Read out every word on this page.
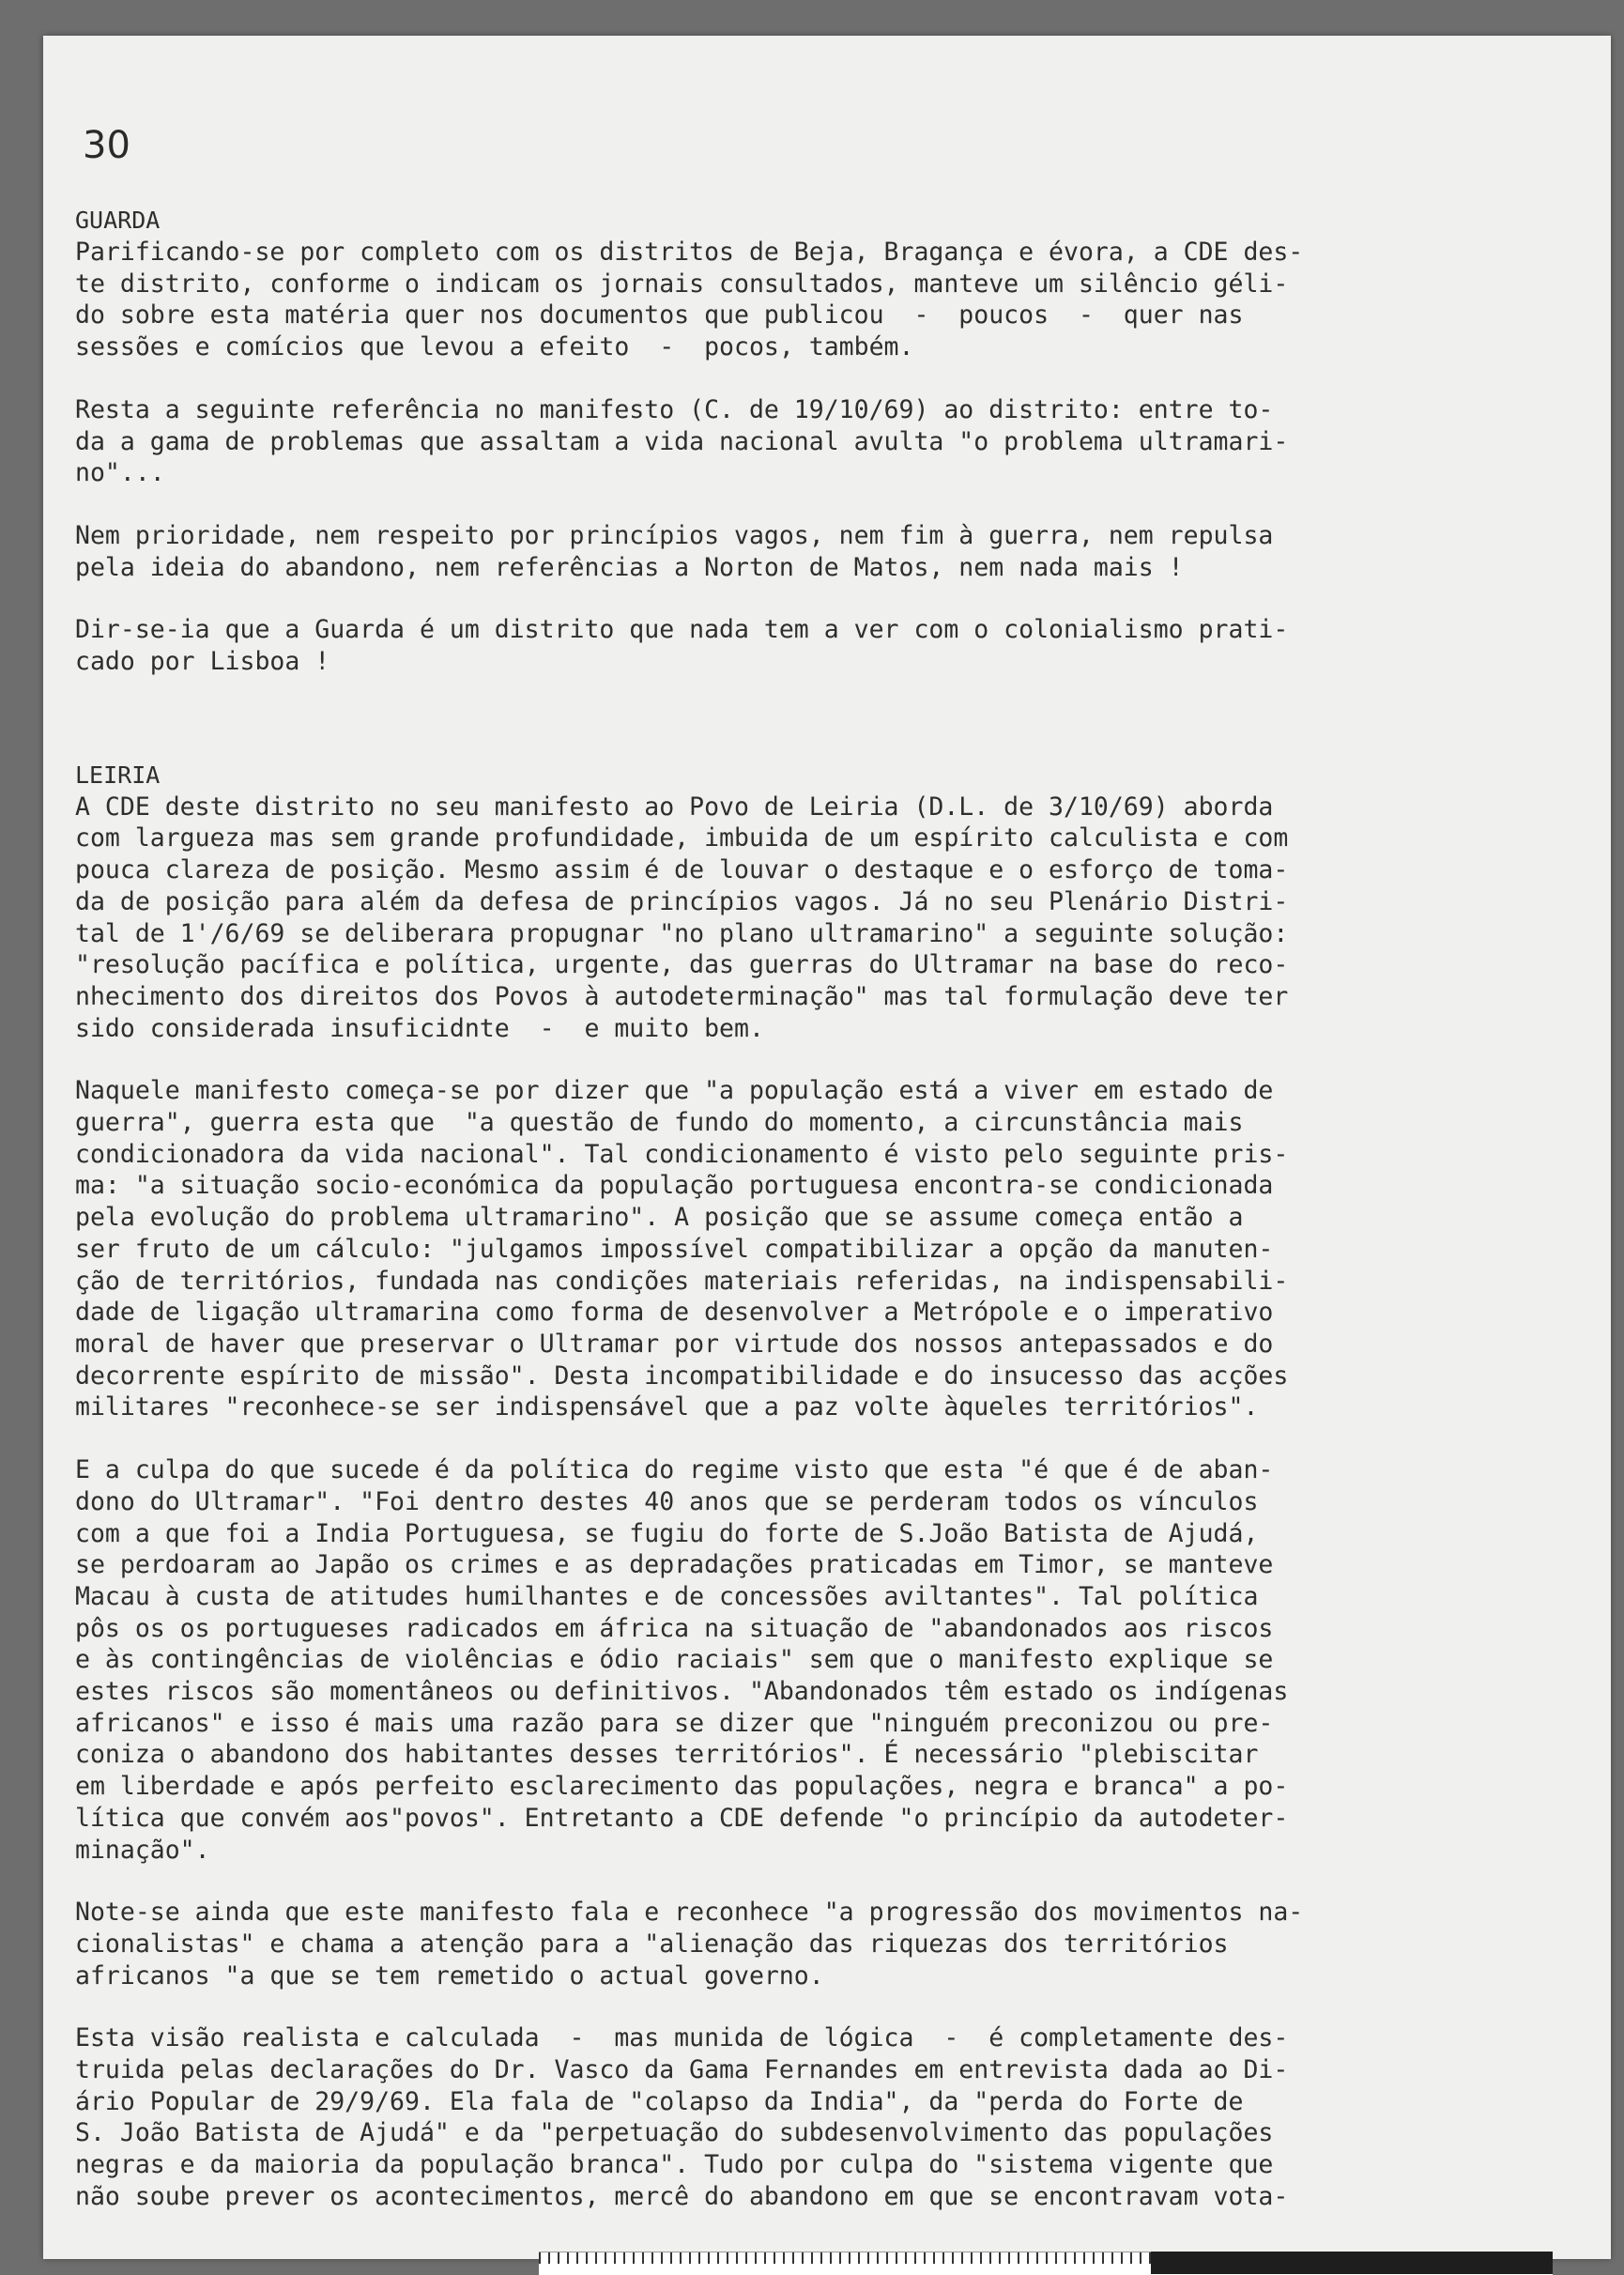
30

GUARDA

Parificando-se por completo com os distritos de Beja, Bragança e évora, a CDE des-
te distrito, conforme o indicam os jornais consultados, manteve um silêncio géli-
do sobre esta matéria quer nos documentos que publicou  -  poucos  -  quer nas
sessões e comícios que levou a efeito  -  pocos, também.

Resta a seguinte referência no manifesto (C. de 19/10/69) ao distrito: entre to-
da a gama de problemas que assaltam a vida nacional avulta "o problema ultramari-
no"...

Nem prioridade, nem respeito por princípios vagos, nem fim à guerra, nem repulsa
pela ideia do abandono, nem referências a Norton de Matos, nem nada mais !

Dir-se-ia que a Guarda é um distrito que nada tem a ver com o colonialismo prati-
cado por Lisboa !

LEIRIA

A CDE deste distrito no seu manifesto ao Povo de Leiria (D.L. de 3/10/69) aborda
com largueza mas sem grande profundidade, imbuida de um espírito calculista e com
pouca clareza de posição. Mesmo assim é de louvar o destaque e o esforço de toma-
da de posição para além da defesa de princípios vagos. Já no seu Plenário Distri-
tal de 1'/6/69 se deliberara propugnar "no plano ultramarino" a seguinte solução:
"resolução pacífica e política, urgente, das guerras do Ultramar na base do reco-
nhecimento dos direitos dos Povos à autodeterminação" mas tal formulação deve ter
sido considerada insuficidnte  -  e muito bem.

Naquele manifesto começa-se por dizer que "a população está a viver em estado de
guerra", guerra esta que  "a questão de fundo do momento, a circunstância mais
condicionadora da vida nacional". Tal condicionamento é visto pelo seguinte pris-
ma: "a situação socio-económica da população portuguesa encontra-se condicionada
pela evolução do problema ultramarino". A posição que se assume começa então a
ser fruto de um cálculo: "julgamos impossível compatibilizar a opção da manuten-
ção de territórios, fundada nas condições materiais referidas, na indispensabili-
dade de ligação ultramarina como forma de desenvolver a Metrópole e o imperativo
moral de haver que preservar o Ultramar por virtude dos nossos antepassados e do
decorrente espírito de missão". Desta incompatibilidade e do insucesso das acções
militares "reconhece-se ser indispensável que a paz volte àqueles territórios".

E a culpa do que sucede é da política do regime visto que esta "é que é de aban-
dono do Ultramar". "Foi dentro destes 40 anos que se perderam todos os vínculos
com a que foi a India Portuguesa, se fugiu do forte de S.João Batista de Ajudá,
se perdoaram ao Japão os crimes e as depradações praticadas em Timor, se manteve
Macau à custa de atitudes humilhantes e de concessões aviltantes". Tal política
pôs os os portugueses radicados em áfrica na situação de "abandonados aos riscos
e às contingências de violências e ódio raciais" sem que o manifesto explique se
estes riscos são momentâneos ou definitivos. "Abandonados têm estado os indígenas
africanos" e isso é mais uma razão para se dizer que "ninguém preconizou ou pre-
coniza o abandono dos habitantes desses territórios". É necessário "plebiscitar
em liberdade e após perfeito esclarecimento das populações, negra e branca" a po-
lítica que convém aos"povos". Entretanto a CDE defende "o princípio da autodeter-
minação".

Note-se ainda que este manifesto fala e reconhece "a progressão dos movimentos na-
cionalistas" e chama a atenção para a "alienação das riquezas dos territórios
africanos "a que se tem remetido o actual governo.

Esta visão realista e calculada  -  mas munida de lógica  -  é completamente des-
truida pelas declarações do Dr. Vasco da Gama Fernandes em entrevista dada ao Di-
ário Popular de 29/9/69. Ela fala de "colapso da India", da "perda do Forte de
S. João Batista de Ajudá" e da "perpetuação do subdesenvolvimento das populações
negras e da maioria da população branca". Tudo por culpa do "sistema vigente que
não soube prever os acontecimentos, mercê do abandono em que se encontravam vota-
